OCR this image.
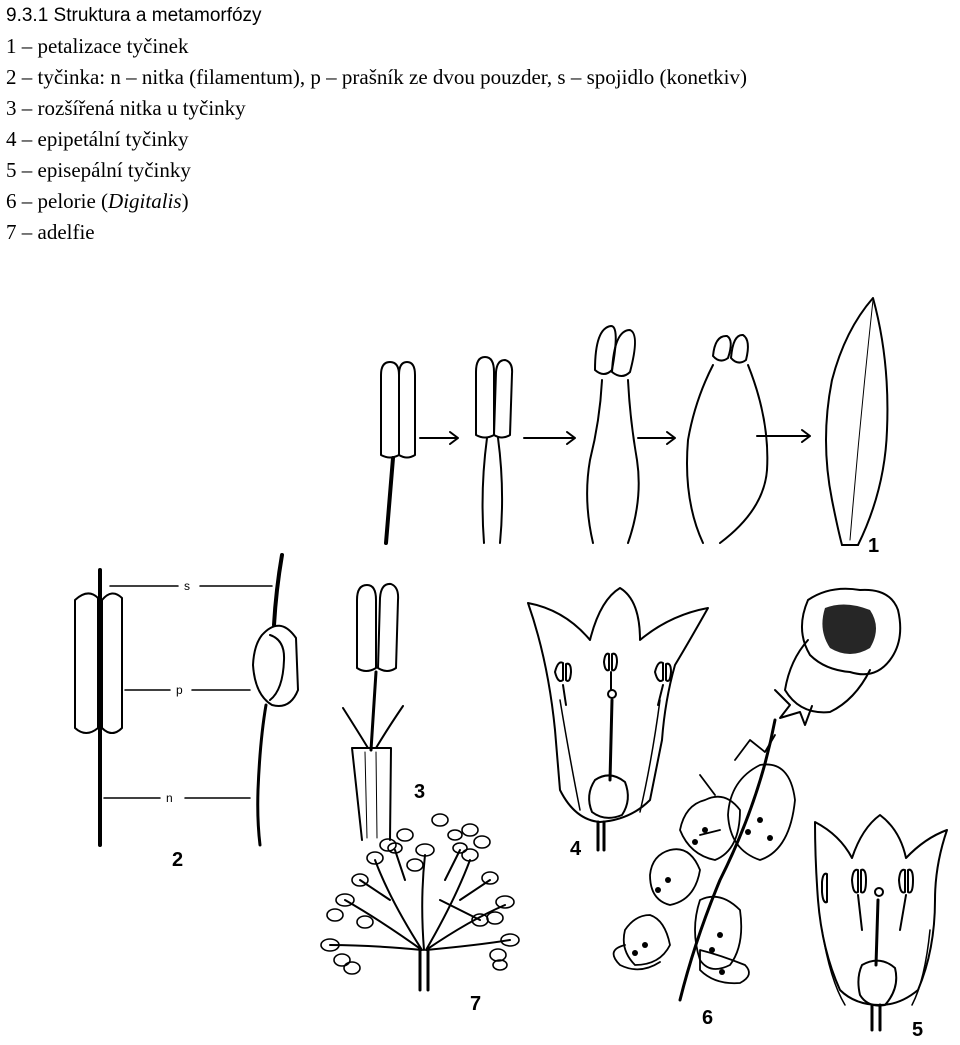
9.3.1 Struktura a metamorfózy
1 – petalizace tyčinek
2 – tyčinka: n – nitka (filamentum), p – prašník ze dvou pouzder, s – spojidlo (konetkiv)
3 – rozšířená nitka u tyčinky
4 – epipetální tyčinky
5 – episepální tyčinky
6 – pelorie (Digitalis)
7 – adelfie
1
2
3
4
5
6
7
s
p
n
